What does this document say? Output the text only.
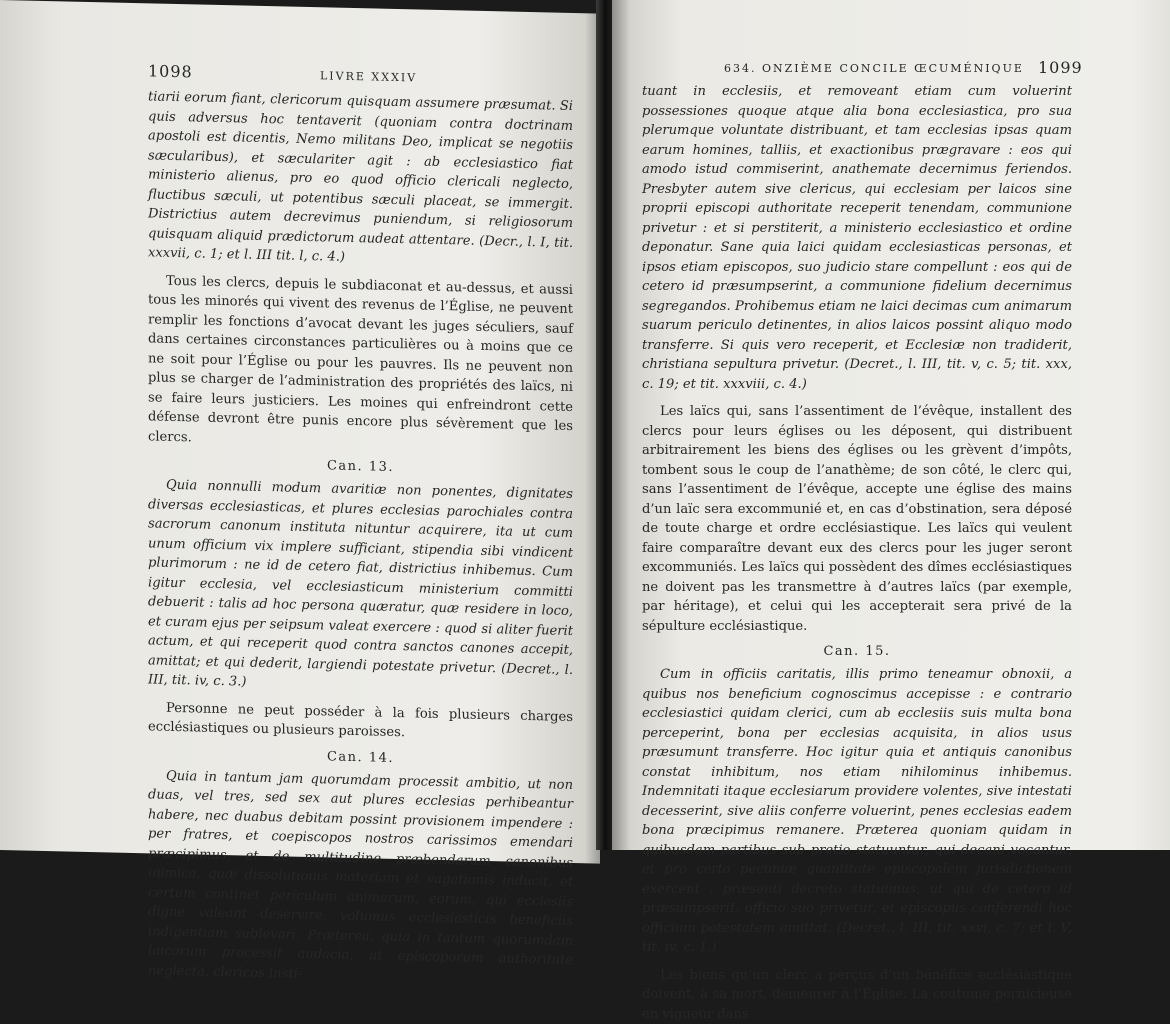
1098	LIVRE XXXIV

tiarii eorum fiant, clericorum quisquam assumere præsumat. Si quis adversus hoc tentaverit (quoniam contra doctrinam apostoli est dicentis, Nemo militans Deo, implicat se negotiis sæcularibus), et sæculariter agit : ab ecclesiastico fiat ministerio alienus, pro eo quod officio clericali neglecto, fluctibus sæculi, ut potentibus sæculi placeat, se immergit. Districtius autem decrevimus puniendum, si religiosorum quisquam aliquid prædictorum audeat attentare. (Decr., l. I, tit. xxxvii, c. 1; et l. III tit. l, c. 4.)

Tous les clercs, depuis le subdiaconat et au-dessus, et aussi tous les minorés qui vivent des revenus de l’Église, ne peuvent remplir les fonctions d’avocat devant les juges séculiers, sauf dans certaines circonstances particulières ou à moins que ce ne soit pour l’Église ou pour les pauvres. Ils ne peuvent non plus se charger de l’administration des propriétés des laïcs, ni se faire leurs justiciers. Les moines qui enfreindront cette défense devront être punis encore plus sévèrement que les clercs.

Can. 13.

Quia nonnulli modum avaritiæ non ponentes, dignitates diversas ecclesiasticas, et plures ecclesias parochiales contra sacrorum canonum instituta nituntur acquirere, ita ut cum unum officium vix implere sufficiant, stipendia sibi vindicent plurimorum : ne id de cetero fiat, districtius inhibemus. Cum igitur ecclesia, vel ecclesiasticum ministerium committi debuerit : talis ad hoc persona quæratur, quæ residere in loco, et curam ejus per seipsum valeat exercere : quod si aliter fuerit actum, et qui receperit quod contra sanctos canones accepit, amittat; et qui dederit, largiendi potestate privetur. (Decret., l. III, tit. iv, c. 3.)

Personne ne peut posséder à la fois plusieurs charges ecclésiastiques ou plusieurs paroisses.

Can. 14.

Quia in tantum jam quorumdam processit ambitio, ut non duas, vel tres, sed sex aut plures ecclesias perhibeantur habere, nec duabus debitam possint provisionem impendere : per fratres, et coepiscopos nostros carissimos emendari præcipimus, et de multitudine præbendarum canonibus inimica, quæ dissolutionis materiam et vagationis inducit, et certum continet periculum animarum, eorum, qui ecclesiis digne valeant deservire, volumus ecclesiasticis beneficiis indigentiam sublevari. Præterea, quia in tantum quorumdam laicorum processit audacia, ut episcoporum authoritate neglecta, clericos insti-

634. ONZIÈME CONCILE ŒCUMÉNIQUE 1099

tuant in ecclesiis, et removeant etiam cum voluerint possessiones quoque atque alia bona ecclesiastica, pro sua plerumque voluntate distribuant, et tam ecclesias ipsas quam earum homines, talliis, et exactionibus prægravare : eos qui amodo istud commiserint, anathemate decernimus feriendos. Presbyter autem sive clericus, qui ecclesiam per laicos sine proprii episcopi authoritate receperit tenendam, communione privetur : et si perstiterit, a ministerio ecclesiastico et ordine deponatur. Sane quia laici quidam ecclesiasticas personas, et ipsos etiam episcopos, suo judicio stare compellunt : eos qui de cetero id præsumpserint, a communione fidelium decernimus segregandos. Prohibemus etiam ne laici decimas cum animarum suarum periculo detinentes, in alios laicos possint aliquo modo transferre. Si quis vero receperit, et Ecclesiæ non tradiderit, christiana sepultura privetur. (Decret., l. III, tit. v, c. 5; tit. xxx, c. 19; et tit. xxxviii, c. 4.)

Les laïcs qui, sans l’assentiment de l’évêque, installent des clercs pour leurs églises ou les déposent, qui distribuent arbitrairement les biens des églises ou les grèvent d’impôts, tombent sous le coup de l’anathème; de son côté, le clerc qui, sans l’assentiment de l’évêque, accepte une église des mains d’un laïc sera excommunié et, en cas d’obstination, sera déposé de toute charge et ordre ecclésiastique. Les laïcs qui veulent faire comparaître devant eux des clercs pour les juger seront excommuniés. Les laïcs qui possèdent des dîmes ecclésiastiques ne doivent pas les transmettre à d’autres laïcs (par exemple, par héritage), et celui qui les accepterait sera privé de la sépulture ecclésiastique.

Can. 15.

Cum in officiis caritatis, illis primo teneamur obnoxii, a quibus nos beneficium cognoscimus accepisse : e contrario ecclesiastici quidam clerici, cum ab ecclesiis suis multa bona perceperint, bona per ecclesias acquisita, in alios usus præsumunt transferre. Hoc igitur quia et antiquis canonibus constat inhibitum, nos etiam nihilominus inhibemus. Indemnitati itaque ecclesiarum providere volentes, sive intestati decesserint, sive aliis conferre voluerint, penes ecclesias eadem bona præcipimus remanere. Præterea quoniam quidam in quibusdam partibus sub pretio statuuntur, qui decani vocantur, et pro certa pecuniæ quantitate episcopalem jurisdictionem exercent : præsenti decreto statuimus, ut qui de cetero id præsumpserit, officio suo privetur, et episcopus conferendi hoc officium potestatem amittat. (Decret., l. III, tit. xxvi, c. 7; et l. V, tit. iv, c. 1.)

Les biens qu’un clerc a perçus d’un bénéfice ecclésiastique doivent, à sa mort, demeurer à l’Église. La coutume pernicieuse en vigueur dans
